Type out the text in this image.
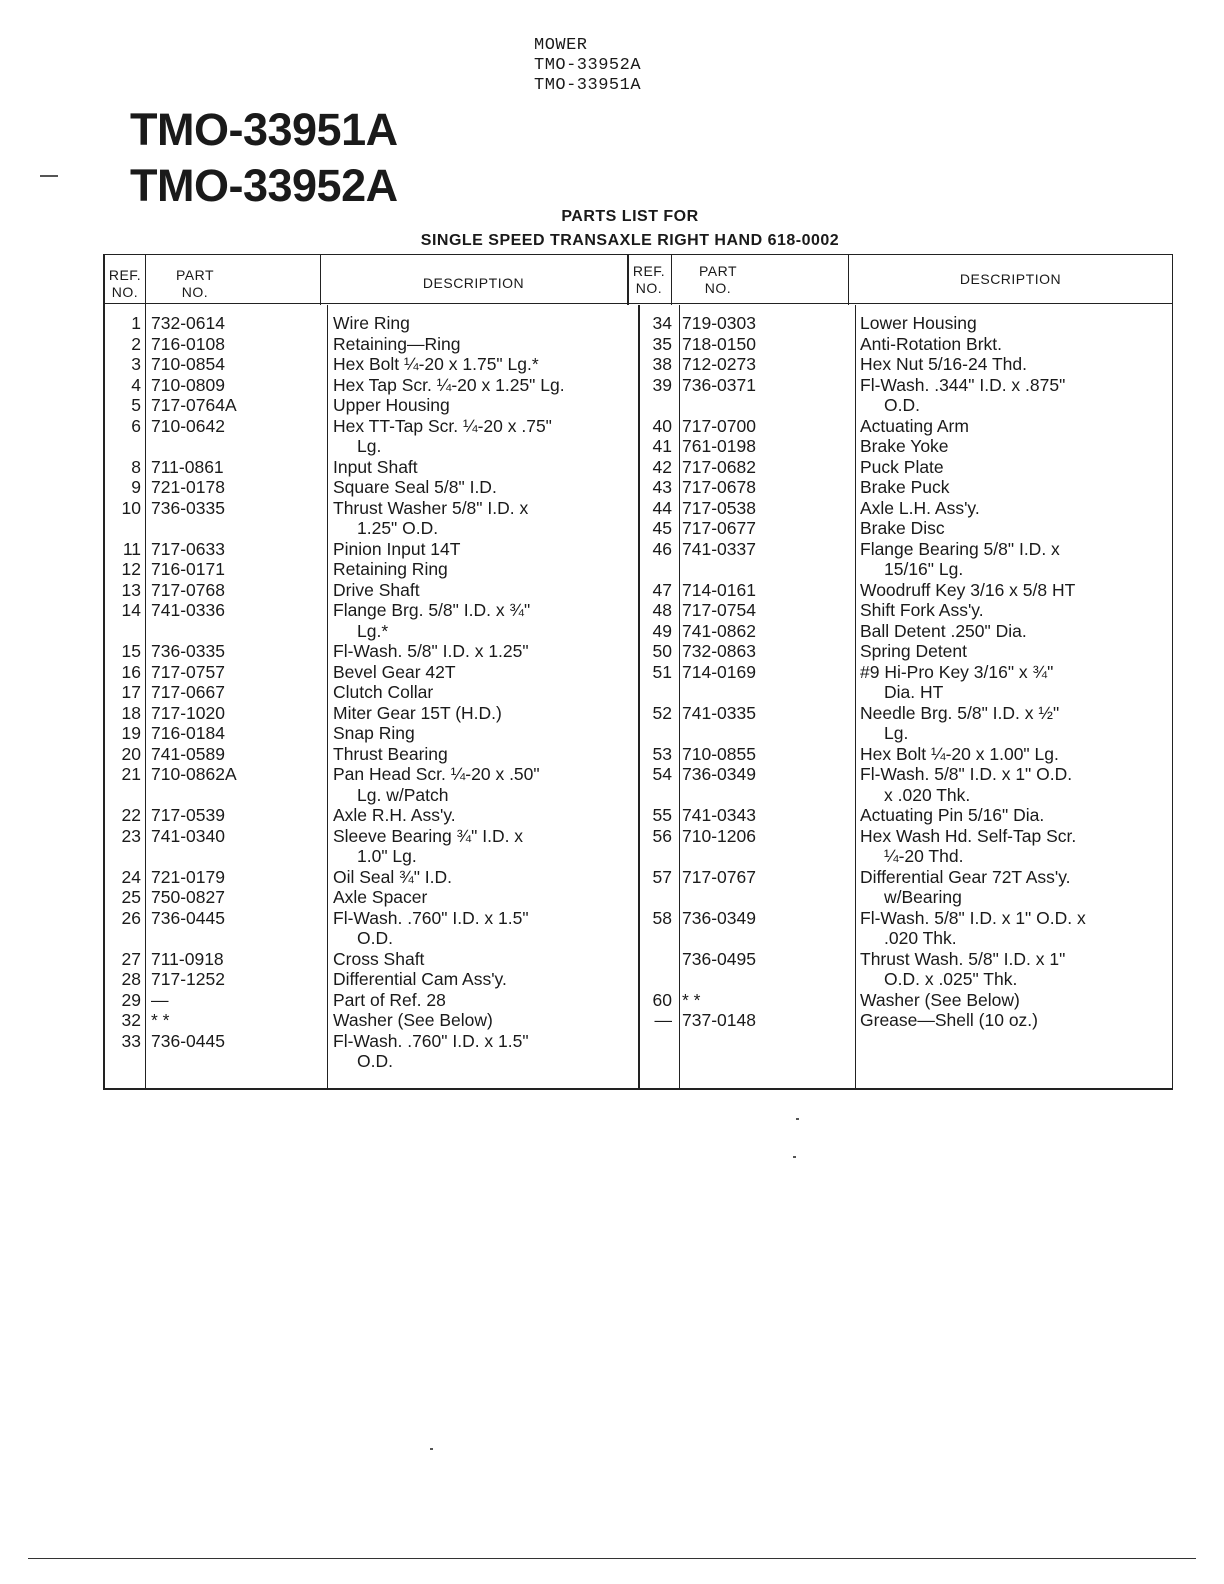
MOWER
TMO-33952A
TMO-33951A
TMO-33951A
TMO-33952A
PARTS LIST FOR
SINGLE SPEED TRANSAXLE RIGHT HAND 618-0002
REF.
NO.
PART
NO.
DESCRIPTION
REF.
NO.
PART
NO.
DESCRIPTION
1 732-0614	Wire Ring
2 716-0108	Retaining—Ring
3 710-0854	Hex Bolt ¼-20 x 1.75" Lg.*
4 710-0809	Hex Tap Scr. ¼-20 x 1.25" Lg.
5 717-0764A	Upper Housing
6 710-0642	Hex TT-Tap Scr. ¼-20 x .75"
Lg.
8 711-0861	Input Shaft
9 721-0178	Square Seal 5/8" I.D.
10 736-0335	Thrust Washer 5/8" I.D. x
1.25" O.D.
11 717-0633	Pinion Input 14T
12 716-0171	Retaining Ring
13 717-0768	Drive Shaft
14 741-0336	Flange Brg. 5/8" I.D. x ¾"
Lg.*
15 736-0335	Fl-Wash. 5/8" I.D. x 1.25"
16 717-0757	Bevel Gear 42T
17 717-0667	Clutch Collar
18 717-1020	Miter Gear 15T (H.D.)
19 716-0184	Snap Ring
20 741-0589	Thrust Bearing
21 710-0862A	Pan Head Scr. ¼-20 x .50"
Lg. w/Patch
22 717-0539	Axle R.H. Ass'y.
23 741-0340	Sleeve Bearing ¾" I.D. x
1.0" Lg.
24 721-0179	Oil Seal ¾" I.D.
25 750-0827	Axle Spacer
26 736-0445	Fl-Wash. .760" I.D. x 1.5"
O.D.
27 711-0918	Cross Shaft
28 717-1252	Differential Cam Ass'y.
29 —	Part of Ref. 28
32 * *	Washer (See Below)
33 736-0445	Fl-Wash. .760" I.D. x 1.5"
O.D.
34 719-0303	Lower Housing
35 718-0150	Anti-Rotation Brkt.
38 712-0273	Hex Nut 5/16-24 Thd.
39 736-0371	Fl-Wash. .344" I.D. x .875"
O.D.
40 717-0700	Actuating Arm
41 761-0198	Brake Yoke
42 717-0682	Puck Plate
43 717-0678	Brake Puck
44 717-0538	Axle L.H. Ass'y.
45 717-0677	Brake Disc
46 741-0337	Flange Bearing 5/8" I.D. x
15/16" Lg.
47 714-0161	Woodruff Key 3/16 x 5/8 HT
48 717-0754	Shift Fork Ass'y.
49 741-0862	Ball Detent .250" Dia.
50 732-0863	Spring Detent
51 714-0169	#9 Hi-Pro Key 3/16" x ¾"
Dia. HT
52 741-0335	Needle Brg. 5/8" I.D. x ½"
Lg.
53 710-0855	Hex Bolt ¼-20 x 1.00" Lg.
54 736-0349	Fl-Wash. 5/8" I.D. x 1" O.D.
x .020 Thk.
55 741-0343	Actuating Pin 5/16" Dia.
56 710-1206	Hex Wash Hd. Self-Tap Scr.
¼-20 Thd.
57 717-0767	Differential Gear 72T Ass'y.
w/Bearing
58 736-0349	Fl-Wash. 5/8" I.D. x 1" O.D. x
.020 Thk.
736-0495	Thrust Wash. 5/8" I.D. x 1"
O.D. x .025" Thk.
60 * *	Washer (See Below)
— 737-0148	Grease—Shell (10 oz.)
